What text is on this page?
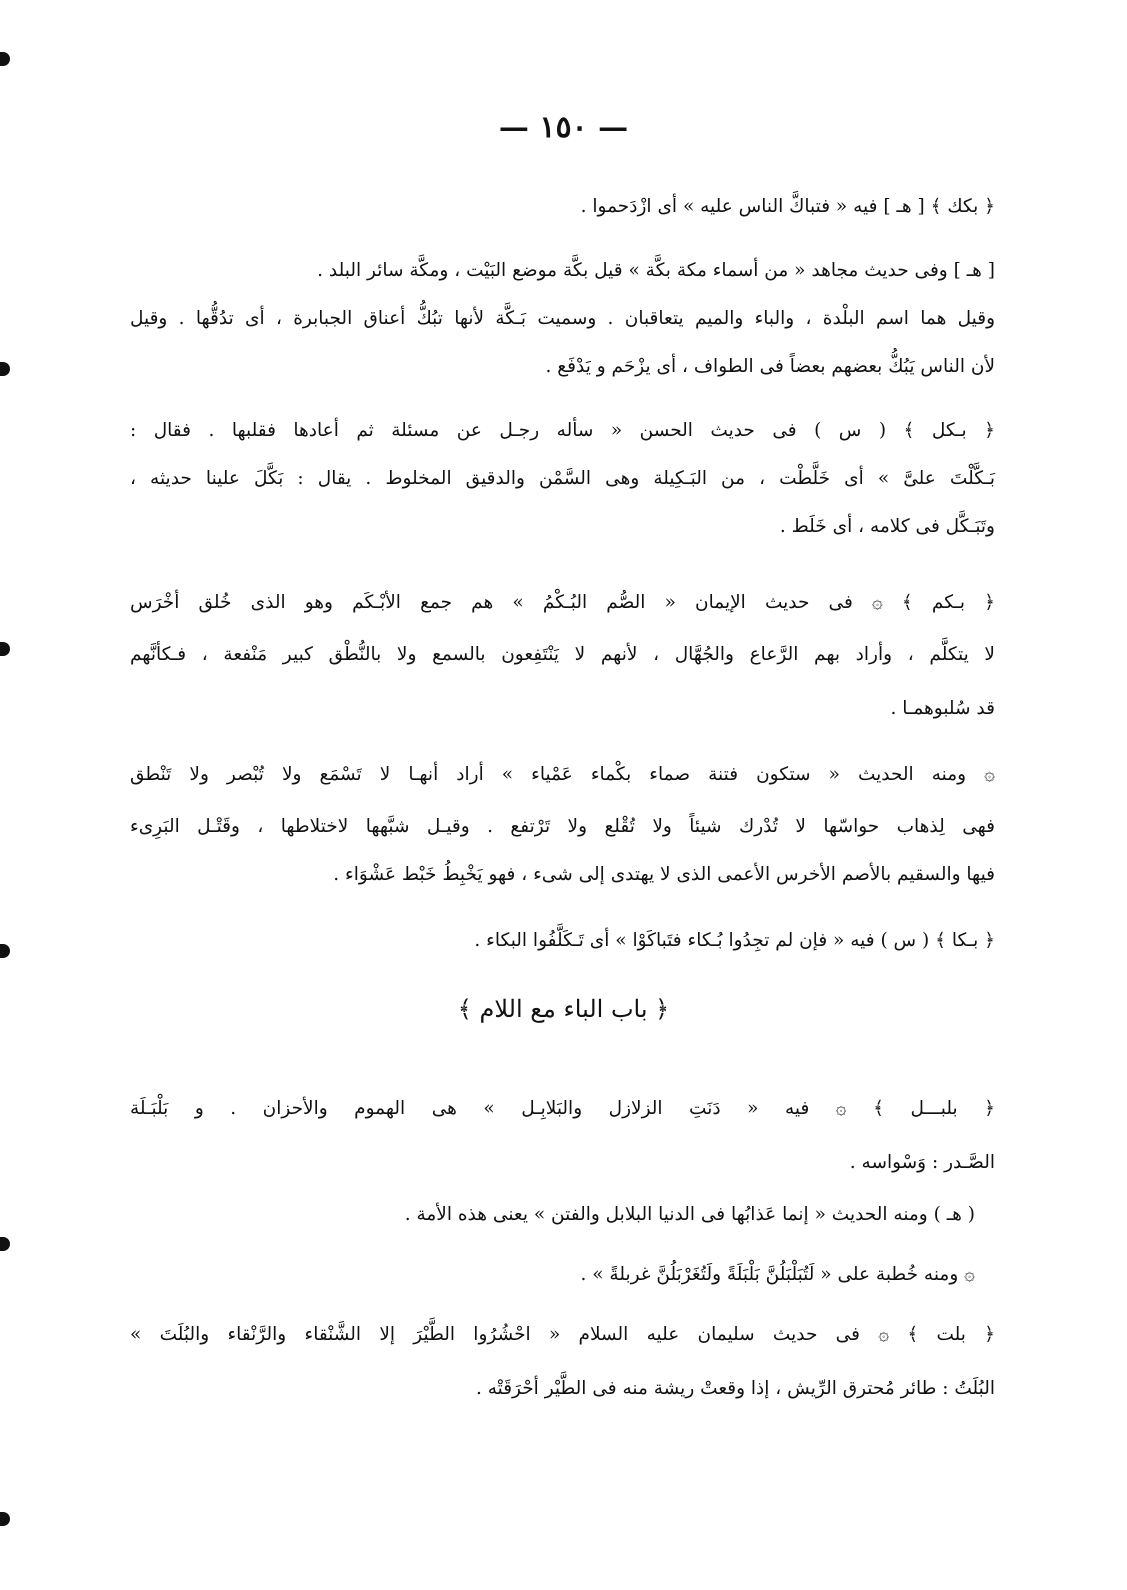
— ١٥٠ —
﴿ بكك ﴾ [ هـ ] فيه « فتباكَّ الناس عليه » أى ازْدَحموا .
[ هـ ] وفى حديث مجاهد « من أسماء مكة بكَّة » قيل بكَّة موضع البَيْت ، ومكَّة سائر البلد .
وقيل هما اسم البلْدة ، والباء والميم يتعاقبان . وسميت بَـكَّة لأنها تبُكُّ أعناق الجبابرة ، أى تدُقُّها . وقيل
لأن الناس يَبُكُّ بعضهم بعضاً فى الطواف ، أى يزْحَم و يَدْفَع .
﴿ بـكل ﴾ ( س ) فى حديث الحسن « سأله رجـل عن مسئلة ثم أعادها فقلبها . فقال :
بَـكَّلْتَ علىَّ » أى خَلَّطْت ، من البَـكِيلة وهى السَّمْن والدقيق المخلوط . يقال : بَكَّلَ علينا حديثه ،
وتَبَـكَّل فى كلامه ، أى خَلَط .
﴿ بـكم ﴾ ۞ فى حديث الإيمان « الصُّم البُـكْمُ » هم جمع الأبْـكَم وهو الذى خُلق أخْرَس
لا يتكلَّم ، وأراد بهم الرَّعاع والجُهَّال ، لأنهم لا يَنْتَفِعون بالسمع ولا بالنُّطْق كبير مَنْفعة ، فـكأنَّهم
قد سُلبوهمـا .
۞ ومنه الحديث « ستكون فتنة صماء بكْماء عَمْياء » أراد أنهـا لا تَسْمَع ولا تُبْصر ولا تَنْطق
فهى لِذهاب حواسّها لا تُدْرك شيئاً ولا تُقْلع ولا تَرْتفع . وقيـل شبَّهها لاختلاطها ، وقَتْـل البَرِىء
فيها والسقيم بالأصم الأخرس الأعمى الذى لا يهتدى إلى شىء ، فهو يَخْبِطُ خَبْط عَشْوَاء .
﴿ بـكا ﴾ ( س ) فيه « فإن لم تجِدُوا بُـكاء فتَباكَوْا » أى تَـكَلَّفُوا البكاء .
﴿ بلبـــل ﴾ ۞ فيه « دَنَتِ الزلازل والبَلابِـل » هى الهموم والأحزان . و بَلْبَـلَة
الصَّـدر : وَسْواسه .
( هـ ) ومنه الحديث « إنما عَذابُها فى الدنيا البلابل والفتن » يعنى هذه الأمة .
۞ ومنه خُطبة على « لَتُبَلْبَلُنَّ بَلْبَلَةً ولَتُغَرْبَلُنَّ غربلةً » .
﴿ بلت ﴾ ۞ فى حديث سليمان عليه السلام « احْشُرُوا الطَّيْرَ إلا الشَّنْقاء والرَّنْقاء والبُلَتَ »
البُلَتُ : طائر مُحترق الرِّيش ، إذا وقعتْ ريشة منه فى الطَّيْر أحْرَقَتْه .
﴿ باب الباء مع اللام ﴾
